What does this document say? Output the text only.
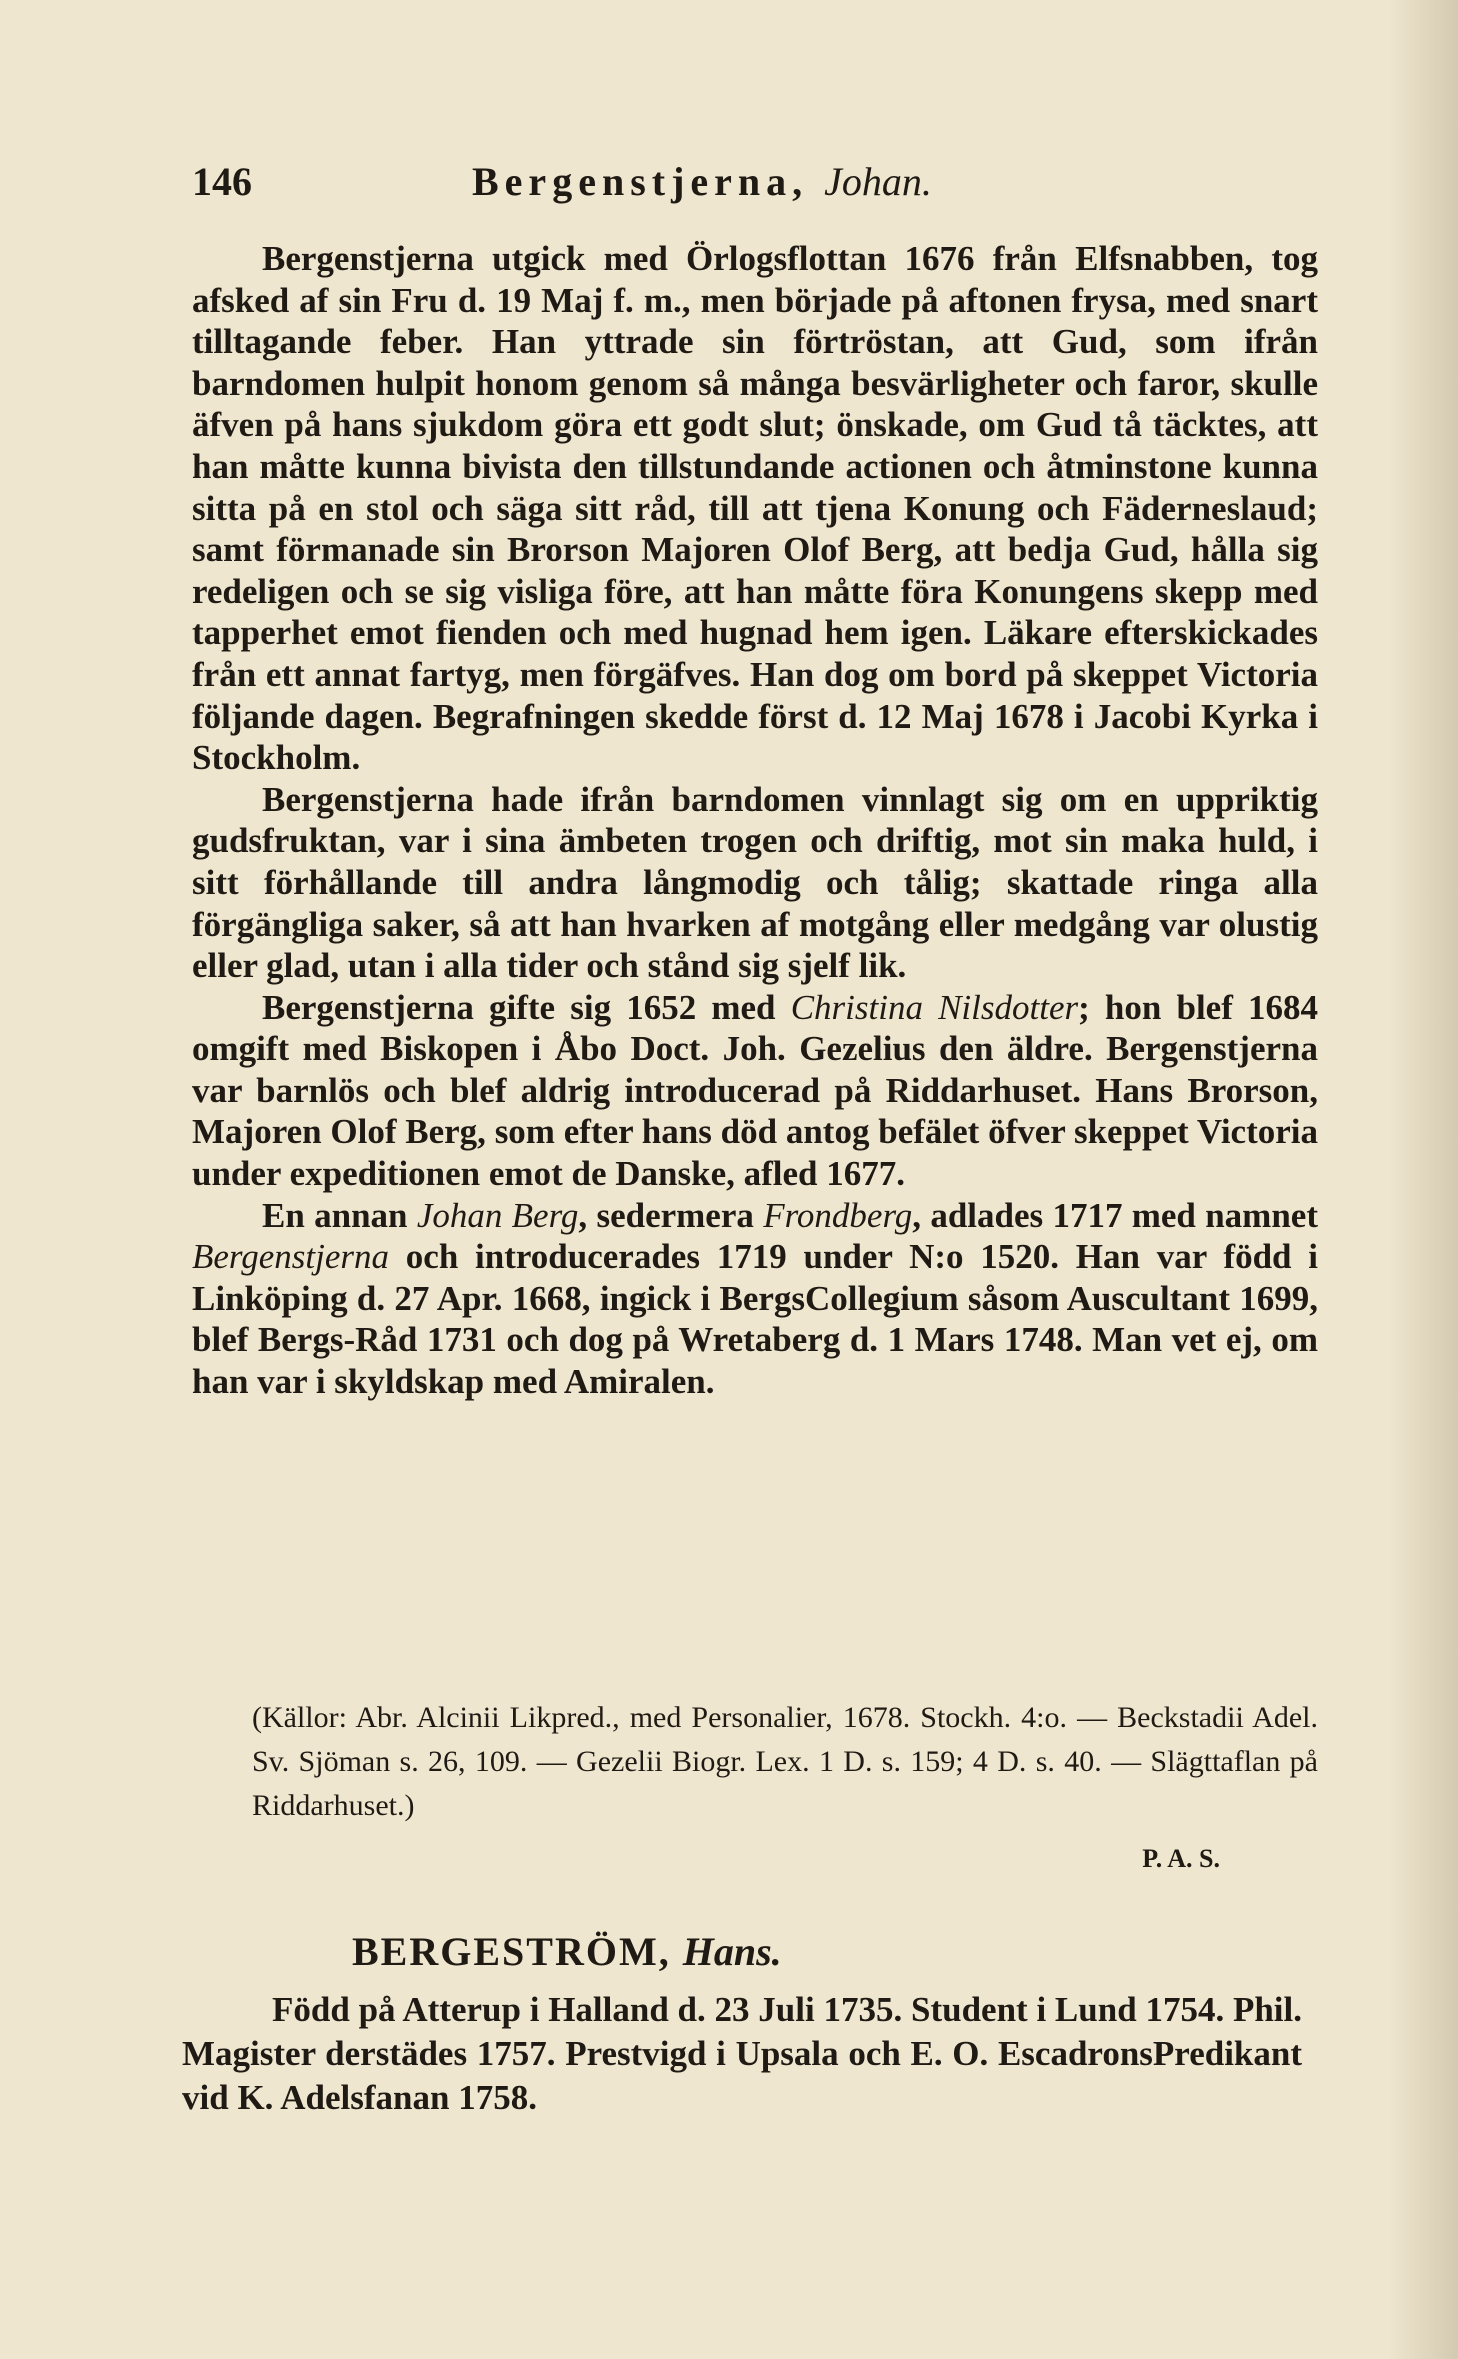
146	Bergenstjerna, Johan.

Bergenstjerna utgick med Örlogsflottan 1676 från Elfsnabben, tog afsked af sin Fru d. 19 Maj f. m., men började på aftonen frysa, med snart tilltagande feber. Han yttrade sin förtröstan, att Gud, som ifrån barndomen hulpit honom genom så många besvärligheter och faror, skulle äfven på hans sjukdom göra ett godt slut; önskade, om Gud tå täcktes, att han måtte kunna bivista den tillstundande actionen och åtminstone kunna sitta på en stol och säga sitt råd, till att tjena Konung och Fäderneslaud; samt förmanade sin Brorson Majoren Olof Berg, att bedja Gud, hålla sig redeligen och se sig visliga före, att han måtte föra Konungens skepp med tapperhet emot fienden och med hugnad hem igen. Läkare efterskickades från ett annat fartyg, men förgäfves. Han dog om bord på skeppet Victoria följande dagen. Begrafningen skedde först d. 12 Maj 1678 i Jacobi Kyrka i Stockholm.

Bergenstjerna hade ifrån barndomen vinnlagt sig om en uppriktig gudsfruktan, var i sina ämbeten trogen och driftig, mot sin maka huld, i sitt förhållande till andra långmodig och tålig; skattade ringa alla förgängliga saker, så att han hvarken af motgång eller medgång var olustig eller glad, utan i alla tider och stånd sig sjelf lik.

Bergenstjerna gifte sig 1652 med Christina Nilsdotter; hon blef 1684 omgift med Biskopen i Åbo Doct. Joh. Gezelius den äldre. Bergenstjerna var barnlös och blef aldrig introducerad på Riddarhuset. Hans Brorson, Majoren Olof Berg, som efter hans död antog befälet öfver skeppet Victoria under expeditionen emot de Danske, afled 1677.

En annan Johan Berg, sedermera Frondberg, adlades 1717 med namnet Bergenstjerna och introducerades 1719 under N:o 1520. Han var född i Linköping d. 27 Apr. 1668, ingick i BergsCollegium såsom Auscultant 1699, blef Bergs-Råd 1731 och dog på Wretaberg d. 1 Mars 1748. Man vet ej, om han var i skyldskap med Amiralen.

(Källor: Abr. Alcinii Likpred., med Personalier, 1678. Stockh. 4:o. — Beckstadii Adel. Sv. Sjöman s. 26, 109. — Gezelii Biogr. Lex. 1 D. s. 159; 4 D. s. 40. — Slägttaflan på Riddarhuset.)
P. A. S.
BERGESTRÖM, Hans.

Född på Atterup i Halland d. 23 Juli 1735. Student i Lund 1754. Phil. Magister derstädes 1757. Prestvigd i Upsala och E. O. EscadronsPredikant vid K. Adelsfanan 1758.
